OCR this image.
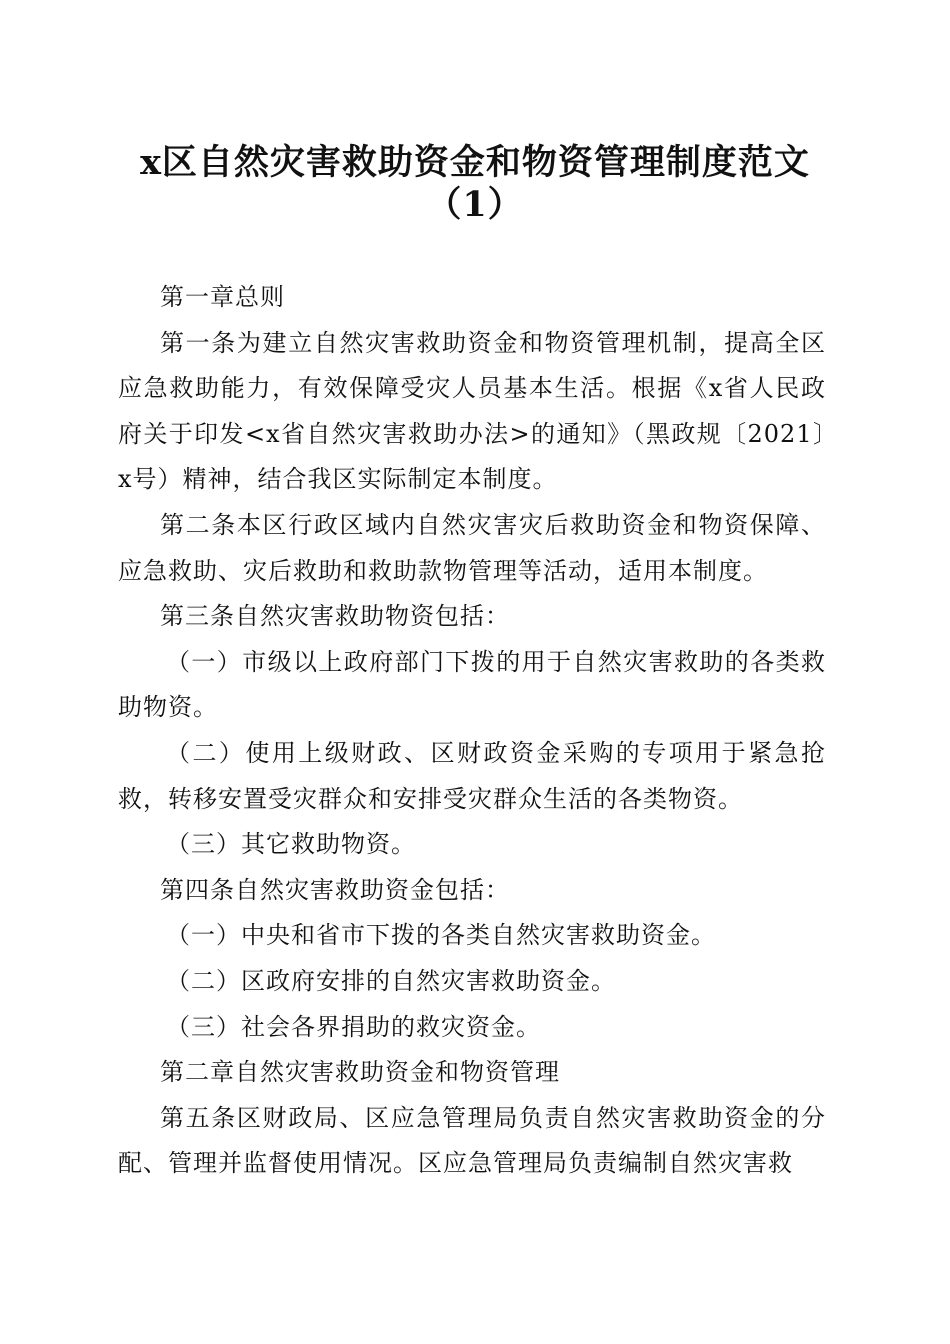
x区自然灾害救助资金和物资管理制度范文
（1）

第一章总则

第一条为建立自然灾害救助资金和物资管理机制，提高全区应急救助能力，有效保障受灾人员基本生活。根据《x省人民政府关于印发<x省自然灾害救助办法>的通知》（黑政规〔2021〕x号）精神，结合我区实际制定本制度。

第二条本区行政区域内自然灾害灾后救助资金和物资保障、应急救助、灾后救助和救助款物管理等活动，适用本制度。

第三条自然灾害救助物资包括：

（一）市级以上政府部门下拨的用于自然灾害救助的各类救助物资。

（二）使用上级财政、区财政资金采购的专项用于紧急抢救，转移安置受灾群众和安排受灾群众生活的各类物资。

（三）其它救助物资。

第四条自然灾害救助资金包括：

（一）中央和省市下拨的各类自然灾害救助资金。

（二）区政府安排的自然灾害救助资金。

（三）社会各界捐助的救灾资金。

第二章自然灾害救助资金和物资管理

第五条区财政局、区应急管理局负责自然灾害救助资金的分配、管理并监督使用情况。区应急管理局负责编制自然灾害救
